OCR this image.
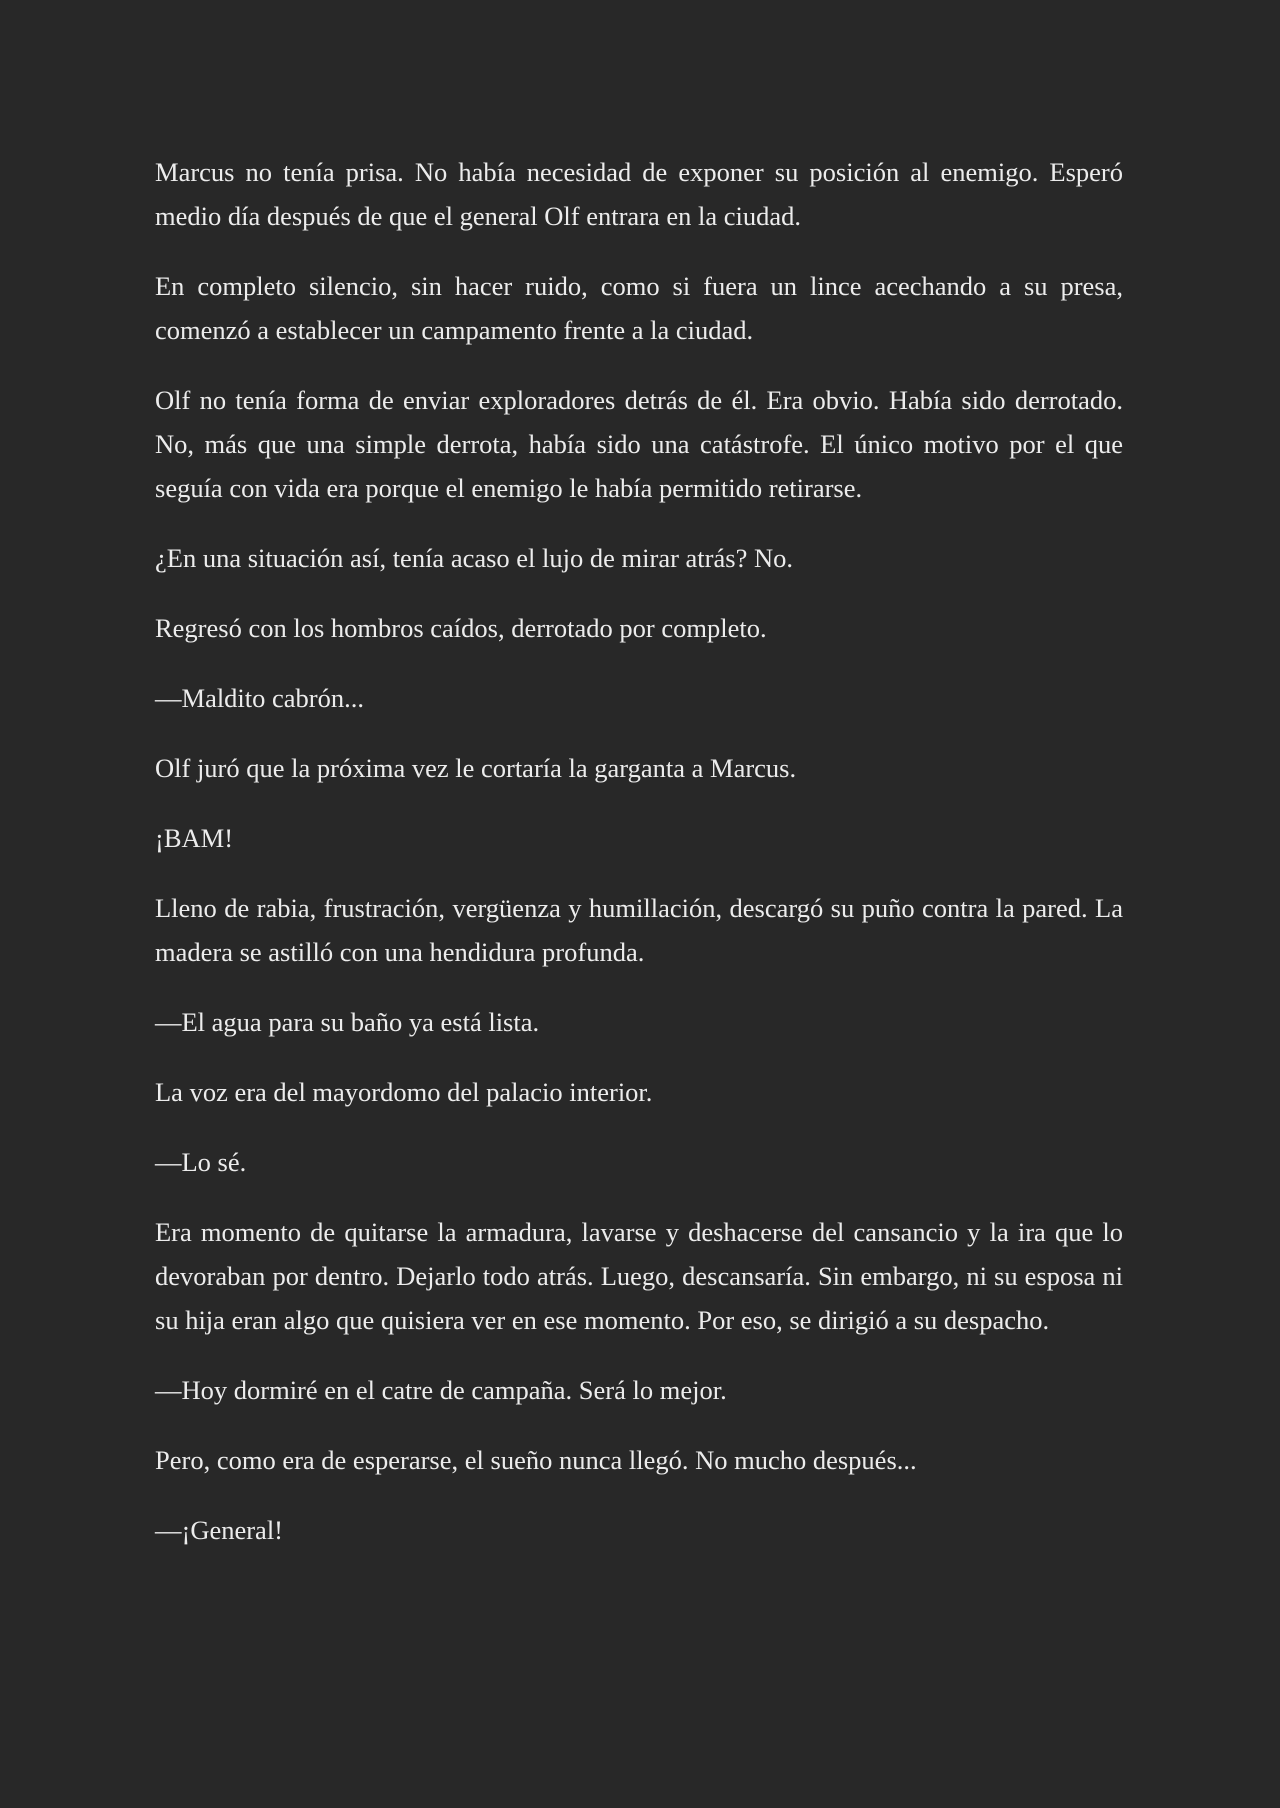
Marcus no tenía prisa. No había necesidad de exponer su posición al enemigo. Esperó medio día después de que el general Olf entrara en la ciudad.

En completo silencio, sin hacer ruido, como si fuera un lince acechando a su presa, comenzó a establecer un campamento frente a la ciudad.

Olf no tenía forma de enviar exploradores detrás de él. Era obvio. Había sido derrotado. No, más que una simple derrota, había sido una catástrofe. El único motivo por el que seguía con vida era porque el enemigo le había permitido retirarse.

¿En una situación así, tenía acaso el lujo de mirar atrás? No.

Regresó con los hombros caídos, derrotado por completo.

—Maldito cabrón...

Olf juró que la próxima vez le cortaría la garganta a Marcus.

¡BAM!

Lleno de rabia, frustración, vergüenza y humillación, descargó su puño contra la pared. La madera se astilló con una hendidura profunda.

—El agua para su baño ya está lista.

La voz era del mayordomo del palacio interior.

—Lo sé.

Era momento de quitarse la armadura, lavarse y deshacerse del cansancio y la ira que lo devoraban por dentro. Dejarlo todo atrás. Luego, descansaría. Sin embargo, ni su esposa ni su hija eran algo que quisiera ver en ese momento. Por eso, se dirigió a su despacho.

—Hoy dormiré en el catre de campaña. Será lo mejor.

Pero, como era de esperarse, el sueño nunca llegó. No mucho después...

—¡General!
